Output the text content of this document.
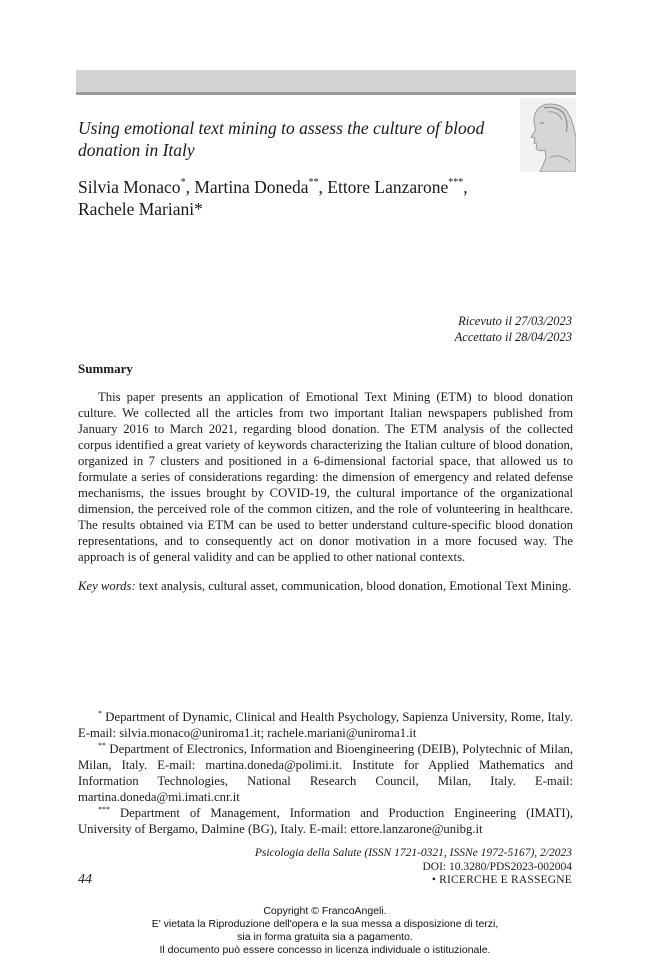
Using emotional text mining to assess the culture of blood donation in Italy
Silvia Monaco*, Martina Doneda**, Ettore Lanzarone***,
Rachele Mariani*
Ricevuto il 27/03/2023
Accettato il 28/04/2023
Summary

This paper presents an application of Emotional Text Mining (ETM) to blood donation culture. We collected all the articles from two important Italian newspapers published from January 2016 to March 2021, regarding blood donation. The ETM analysis of the collected corpus identified a great variety of keywords characterizing the Italian culture of blood donation, organized in 7 clusters and positioned in a 6-dimensional factorial space, that allowed us to formulate a series of considerations regarding: the dimension of emergency and related defense mechanisms, the issues brought by COVID-19, the cultural importance of the organizational dimension, the perceived role of the common citizen, and the role of volunteering in healthcare. The results obtained via ETM can be used to better understand culture-specific blood donation representations, and to consequently act on donor motivation in a more focused way. The approach is of general validity and can be applied to other national contexts.

Key words: text analysis, cultural asset, communication, blood donation, Emotional Text Mining.

* Department of Dynamic, Clinical and Health Psychology, Sapienza University, Rome, Italy. E-mail: silvia.monaco@uniroma1.it; rachele.mariani@uniroma1.it

** Department of Electronics, Information and Bioengineering (DEIB), Polytechnic of Milan, Milan, Italy. E-mail: martina.doneda@polimi.it. Institute for Applied Mathematics and Information Technologies, National Research Council, Milan, Italy. E-mail: martina.doneda@mi.imati.cnr.it

*** Department of Management, Information and Production Engineering (IMATI), University of Bergamo, Dalmine (BG), Italy. E-mail: ettore.lanzarone@unibg.it

Psicologia della Salute (ISSN 1721-0321, ISSNe 1972-5167), 2/2023
DOI: 10.3280/PDS2023-002004
44	• RICERCHE E RASSEGNE
Copyright © FrancoAngeli.
E' vietata la Riproduzione dell'opera e la sua messa a disposizione di terzi,
sia in forma gratuita sia a pagamento.
Il documento può essere concesso in licenza individuale o istituzionale.
